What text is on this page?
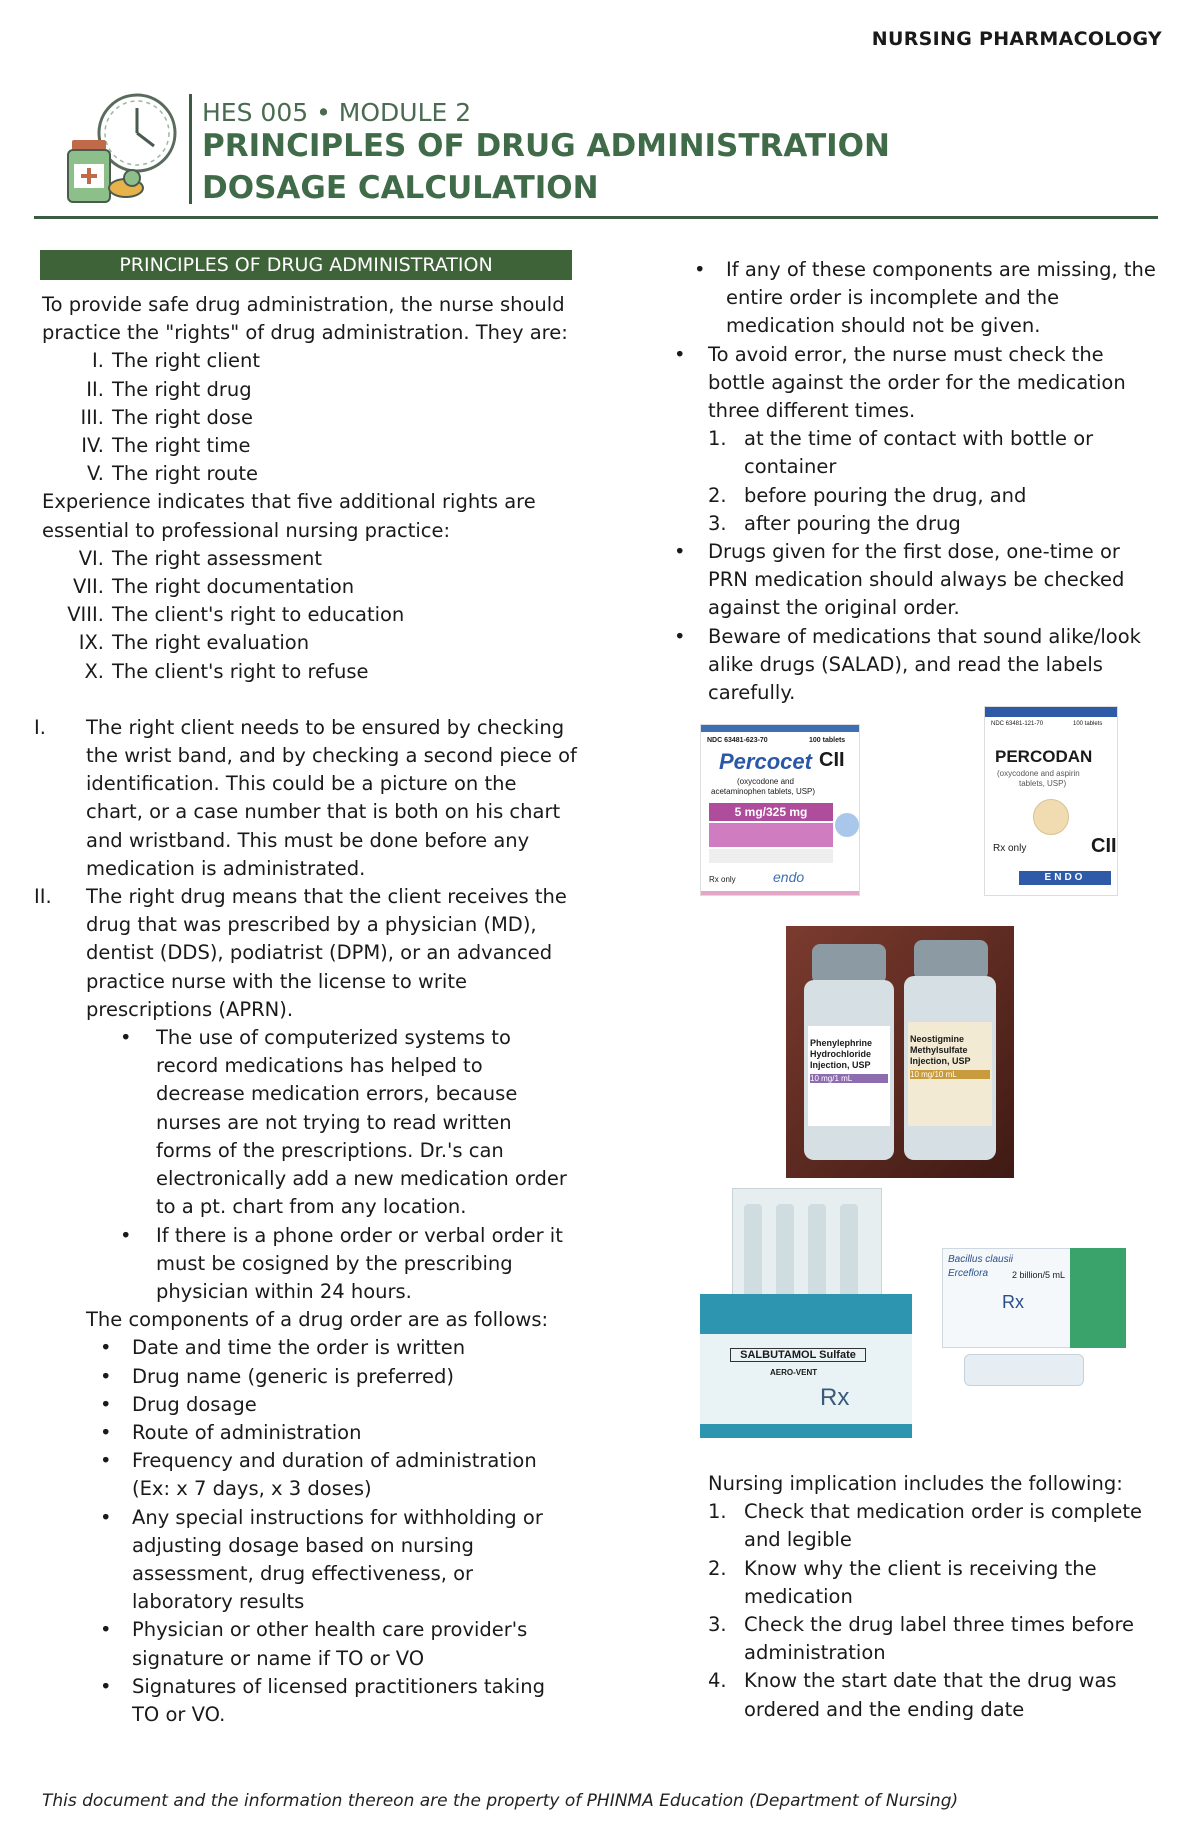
NURSING PHARMACOLOGY
HES 005 • MODULE 2
PRINCIPLES OF DRUG ADMINISTRATION
DOSAGE CALCULATION
PRINCIPLES OF DRUG ADMINISTRATION
To provide safe drug administration, the nurse should
practice the "rights" of drug administration. They are:
I. The right client
II. The right drug
III. The right dose
IV. The right time
V. The right route
Experience indicates that five additional rights are
essential to professional nursing practice:
VI. The right assessment
VII. The right documentation
VIII. The client's right to education
IX. The right evaluation
X. The client's right to refuse
I. The right client needs to be ensured by checking
the wrist band, and by checking a second piece of
identification. This could be a picture on the
chart, or a case number that is both on his chart
and wristband. This must be done before any
medication is administrated.
II. The right drug means that the client receives the
drug that was prescribed by a physician (MD),
dentist (DDS), podiatrist (DPM), or an advanced
practice nurse with the license to write
prescriptions (APRN).
• The use of computerized systems to
record medications has helped to
decrease medication errors, because
nurses are not trying to read written
forms of the prescriptions. Dr.'s can
electronically add a new medication order
to a pt. chart from any location.
• If there is a phone order or verbal order it
must be cosigned by the prescribing
physician within 24 hours.
The components of a drug order are as follows:
• Date and time the order is written
• Drug name (generic is preferred)
• Drug dosage
• Route of administration
• Frequency and duration of administration
(Ex: x 7 days, x 3 doses)
• Any special instructions for withholding or
adjusting dosage based on nursing
assessment, drug effectiveness, or
laboratory results
• Physician or other health care provider's
signature or name if TO or VO
• Signatures of licensed practitioners taking
TO or VO.
• If any of these components are missing, the
entire order is incomplete and the
medication should not be given.
• To avoid error, the nurse must check the
bottle against the order for the medication
three different times.
1. at the time of contact with bottle or
container
2. before pouring the drug, and
3. after pouring the drug
• Drugs given for the first dose, one-time or
PRN medication should always be checked
against the original order.
• Beware of medications that sound alike/look
alike drugs (SALAD), and read the labels
carefully.
NDC 63481-623-70	100 tablets
Percocet CII
(oxycodone and
acetaminophen tablets, USP)
5 mg/325 mg
Rx only	endo
NDC 63481-121-70	100 tablets
PERCODAN
(oxycodone and aspirin
tablets, USP)
Rx only	CII
ENDO
Phenylephrine
Hydrochloride
Injection, USP
10 mg/1 mL
Neostigmine
Methylsulfate
Injection, USP
10 mg/10 mL
SALBUTAMOL Sulfate
AERO-VENT
Rx
Bacillus clausii
Erceflora	2 billion/5 mL
Rx
This document and the information thereon are the property of PHINMA Education (Department of Nursing)
Nursing implication includes the following:
1. Check that medication order is complete
and legible
2. Know why the client is receiving the
medication
3. Check the drug label three times before
administration
4. Know the start date that the drug was
ordered and the ending date
